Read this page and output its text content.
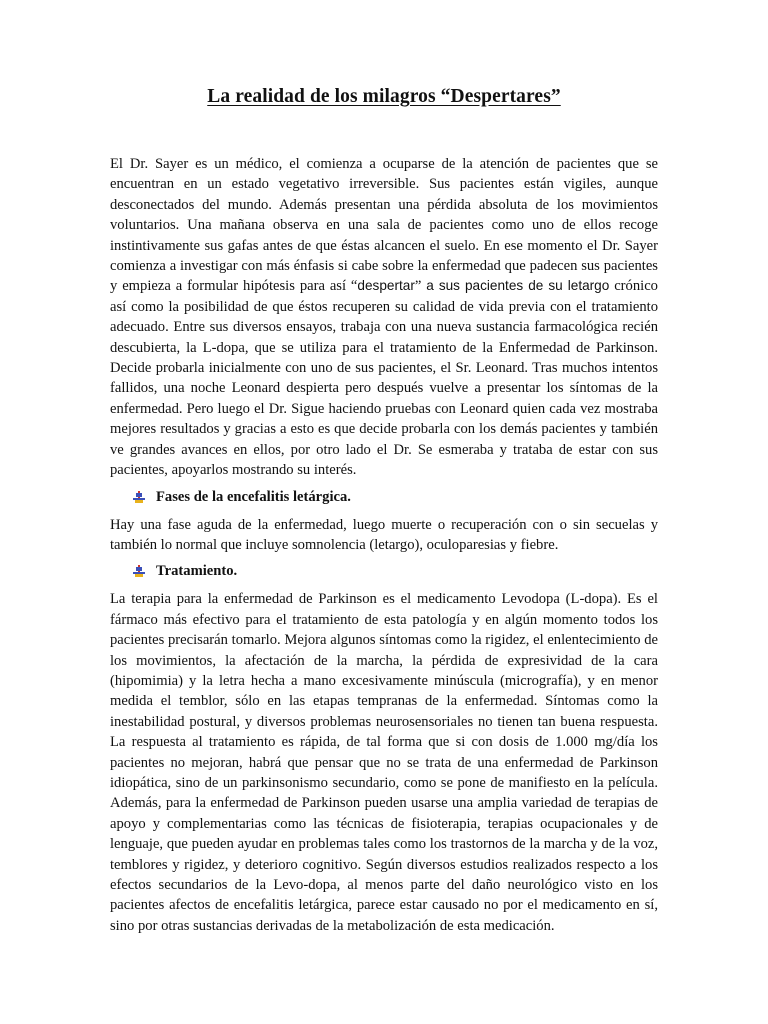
La realidad de los milagros “Despertares”

El Dr. Sayer es un médico, el comienza a ocuparse de la atención de pacientes que se encuentran en un estado vegetativo irreversible. Sus pacientes están vigiles, aunque desconectados del mundo. Además presentan una pérdida absoluta de los movimientos voluntarios. Una mañana observa en una sala de pacientes como uno de ellos recoge instintivamente sus gafas antes de que éstas alcancen el suelo. En ese momento el Dr. Sayer comienza a investigar con más énfasis si cabe sobre la enfermedad que padecen sus pacientes y empieza a formular hipótesis para así “despertar” a sus pacientes de su letargo crónico así como la posibilidad de que éstos recuperen su calidad de vida previa con el tratamiento adecuado. Entre sus diversos ensayos, trabaja con una nueva sustancia farmacológica recién descubierta, la L-dopa, que se utiliza para el tratamiento de la Enfermedad de Parkinson. Decide probarla inicialmente con uno de sus pacientes, el Sr. Leonard. Tras muchos intentos fallidos, una noche Leonard despierta pero después vuelve a presentar los síntomas de la enfermedad. Pero luego el Dr. Sigue haciendo pruebas con Leonard quien cada vez mostraba mejores resultados y gracias a esto es que decide probarla con los demás pacientes y también ve grandes avances en ellos, por otro lado el Dr. Se esmeraba y trataba de estar con sus pacientes, apoyarlos mostrando su interés.

Fases de la encefalitis letárgica.

Hay una fase aguda de la enfermedad, luego muerte o recuperación con o sin secuelas y también lo normal que incluye somnolencia (letargo), oculoparesias y fiebre.

Tratamiento.

La terapia para la enfermedad de Parkinson es el medicamento Levodopa (L-dopa). Es el fármaco más efectivo para el tratamiento de esta patología y en algún momento todos los pacientes precisarán tomarlo. Mejora algunos síntomas como la rigidez, el enlentecimiento de los movimientos, la afectación de la marcha, la pérdida de expresividad de la cara (hipomimia) y la letra hecha a mano excesivamente minúscula (micrografía), y en menor medida el temblor, sólo en las etapas tempranas de la enfermedad. Síntomas como la inestabilidad postural, y diversos problemas neurosensoriales no tienen tan buena respuesta. La respuesta al tratamiento es rápida, de tal forma que si con dosis de 1.000 mg/día los pacientes no mejoran, habrá que pensar que no se trata de una enfermedad de Parkinson idiopática, sino de un parkinsonismo secundario, como se pone de manifiesto en la película. Además, para la enfermedad de Parkinson pueden usarse una amplia variedad de terapias de apoyo y complementarias como las técnicas de fisioterapia, terapias ocupacionales y de lenguaje, que pueden ayudar en problemas tales como los trastornos de la marcha y de la voz, temblores y rigidez, y deterioro cognitivo. Según diversos estudios realizados respecto a los efectos secundarios de la Levo-dopa, al menos parte del daño neurológico visto en los pacientes afectos de encefalitis letárgica, parece estar causado no por el medicamento en sí, sino por otras sustancias derivadas de la metabolización de esta medicación.
